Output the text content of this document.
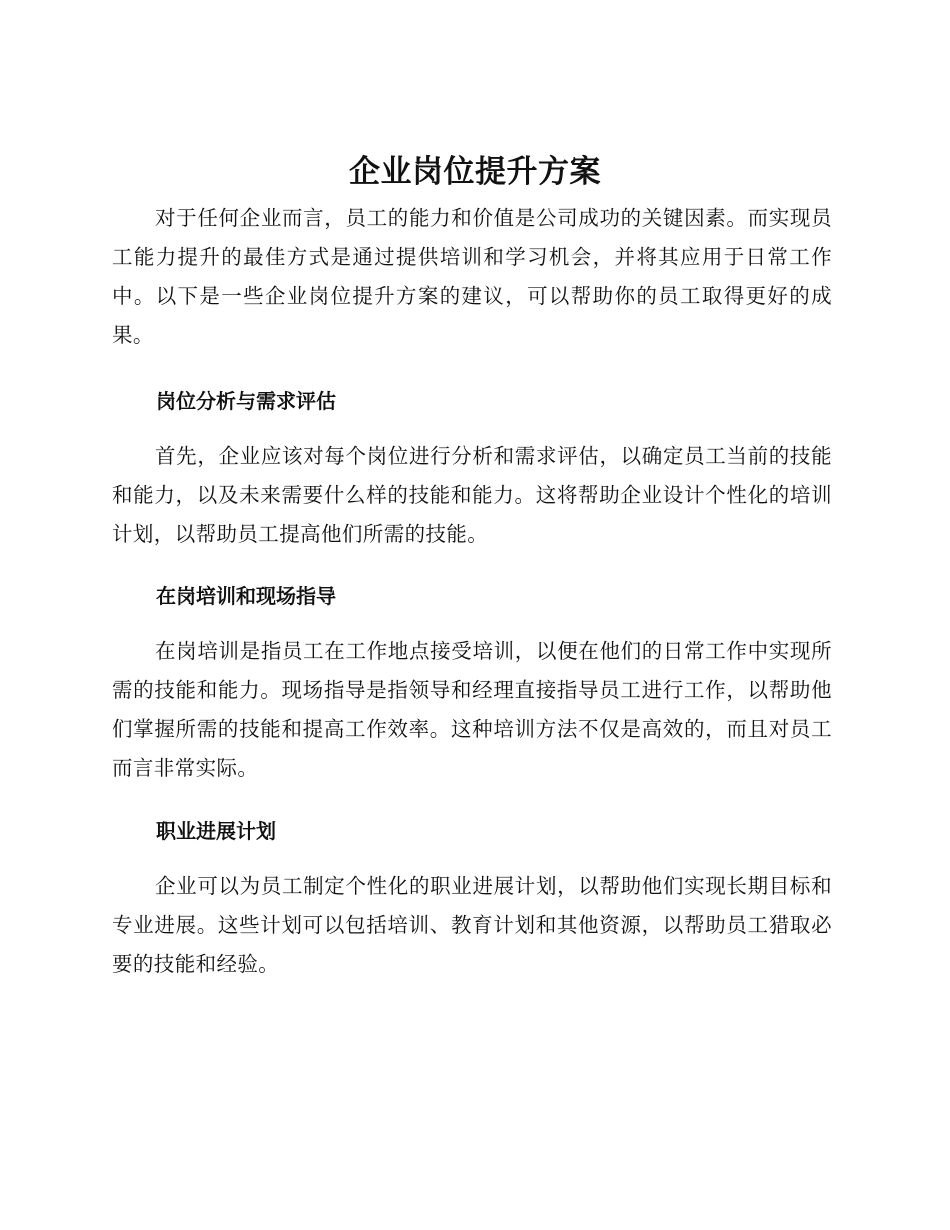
企业岗位提升方案

对于任何企业而言，员工的能力和价值是公司成功的关键因素。而实现员工能力提升的最佳方式是通过提供培训和学习机会，并将其应用于日常工作中。以下是一些企业岗位提升方案的建议，可以帮助你的员工取得更好的成果。

岗位分析与需求评估

首先，企业应该对每个岗位进行分析和需求评估，以确定员工当前的技能和能力，以及未来需要什么样的技能和能力。这将帮助企业设计个性化的培训计划，以帮助员工提高他们所需的技能。

在岗培训和现场指导

在岗培训是指员工在工作地点接受培训，以便在他们的日常工作中实现所需的技能和能力。现场指导是指领导和经理直接指导员工进行工作，以帮助他们掌握所需的技能和提高工作效率。这种培训方法不仅是高效的，而且对员工而言非常实际。

职业进展计划

企业可以为员工制定个性化的职业进展计划，以帮助他们实现长期目标和专业进展。这些计划可以包括培训、教育计划和其他资源，以帮助员工猎取必要的技能和经验。
